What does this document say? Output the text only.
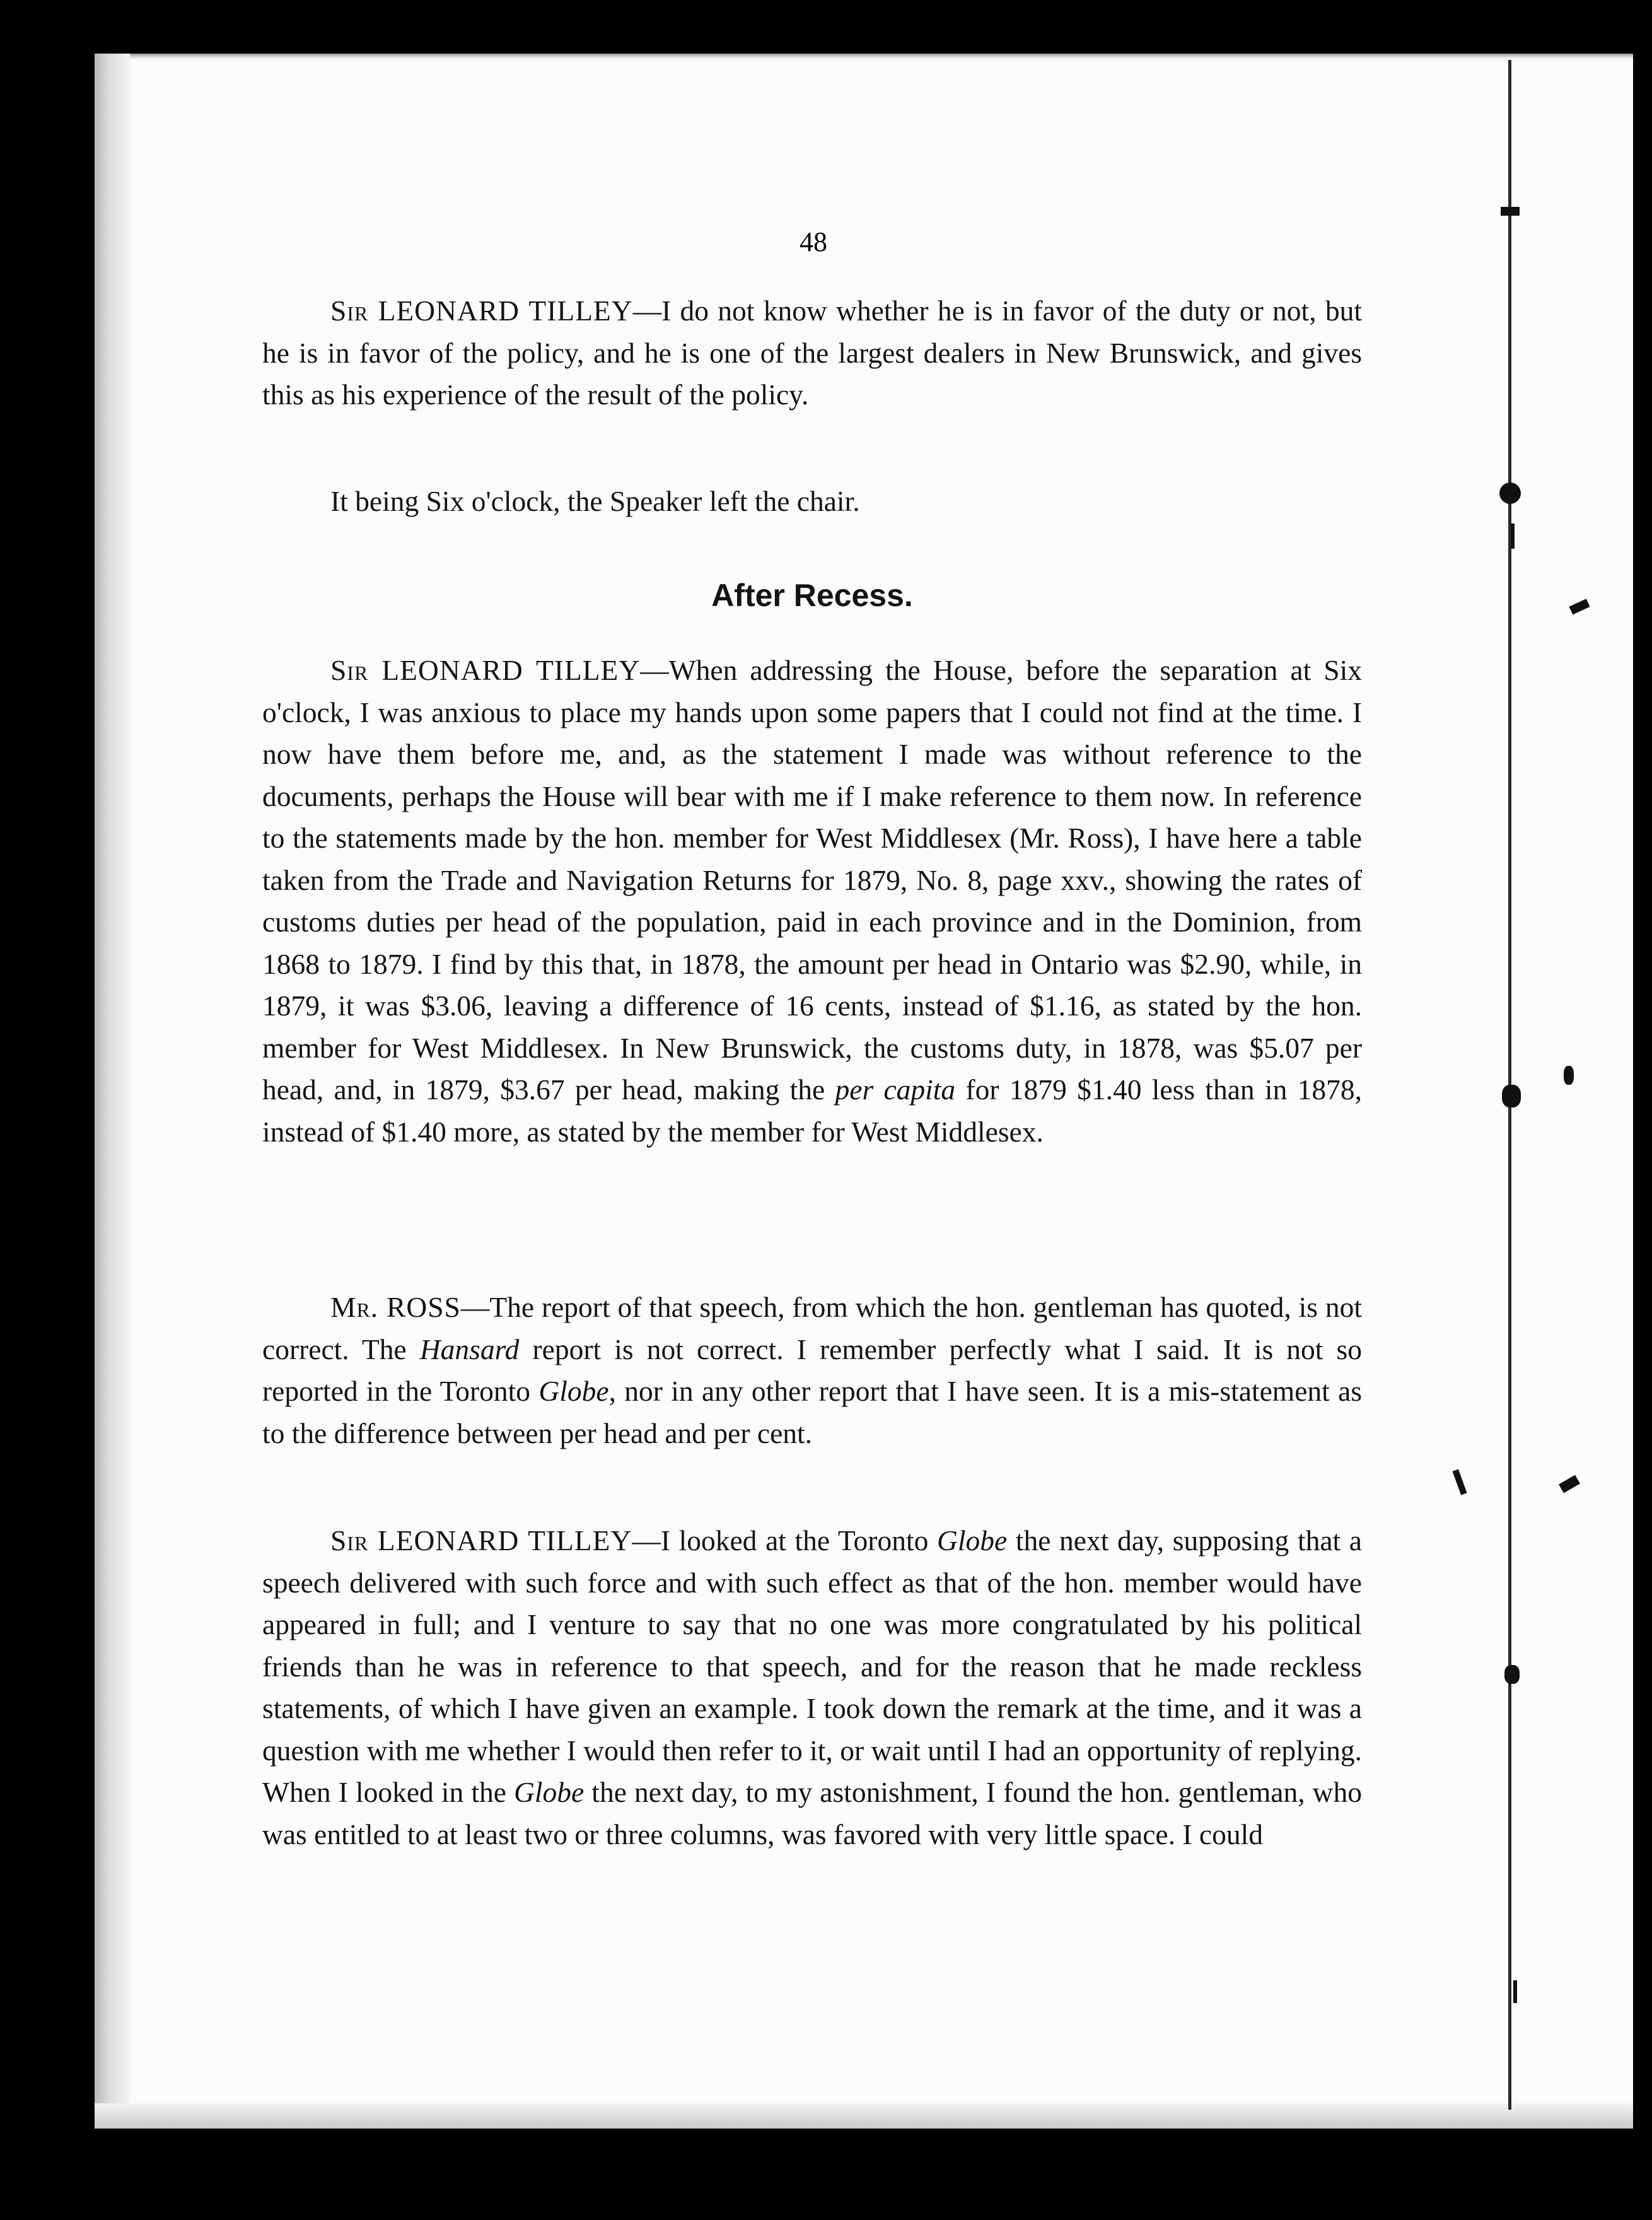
48

Sir LEONARD TILLEY—I do not know whether he is in favor of the duty or not, but he is in favor of the policy, and he is one of the largest dealers in New Brunswick, and gives this as his experience of the result of the policy.

It being Six o'clock, the Speaker left the chair.

After Recess.

Sir LEONARD TILLEY—When addressing the House, before the separation at Six o'clock, I was anxious to place my hands upon some papers that I could not find at the time. I now have them before me, and, as the statement I made was without reference to the documents, perhaps the House will bear with me if I make reference to them now. In reference to the statements made by the hon. member for West Middlesex (Mr. Ross), I have here a table taken from the Trade and Navigation Returns for 1879, No. 8, page xxv., showing the rates of customs duties per head of the population, paid in each province and in the Dominion, from 1868 to 1879. I find by this that, in 1878, the amount per head in Ontario was $2.90, while, in 1879, it was $3.06, leaving a difference of 16 cents, instead of $1.16, as stated by the hon. member for West Middlesex. In New Brunswick, the customs duty, in 1878, was $5.07 per head, and, in 1879, $3.67 per head, making the per capita for 1879 $1.40 less than in 1878, instead of $1.40 more, as stated by the member for West Middlesex.

Mr. ROSS—The report of that speech, from which the hon. gentleman has quoted, is not correct. The Hansard report is not correct. I remember perfectly what I said. It is not so reported in the Toronto Globe, nor in any other report that I have seen. It is a mis-statement as to the difference between per head and per cent.

Sir LEONARD TILLEY—I looked at the Toronto Globe the next day, supposing that a speech delivered with such force and with such effect as that of the hon. member would have appeared in full; and I venture to say that no one was more congratulated by his political friends than he was in reference to that speech, and for the reason that he made reckless statements, of which I have given an example. I took down the remark at the time, and it was a question with me whether I would then refer to it, or wait until I had an opportunity of replying. When I looked in the Globe the next day, to my astonishment, I found the hon. gentleman, who was entitled to at least two or three columns, was favored with very little space. I could
